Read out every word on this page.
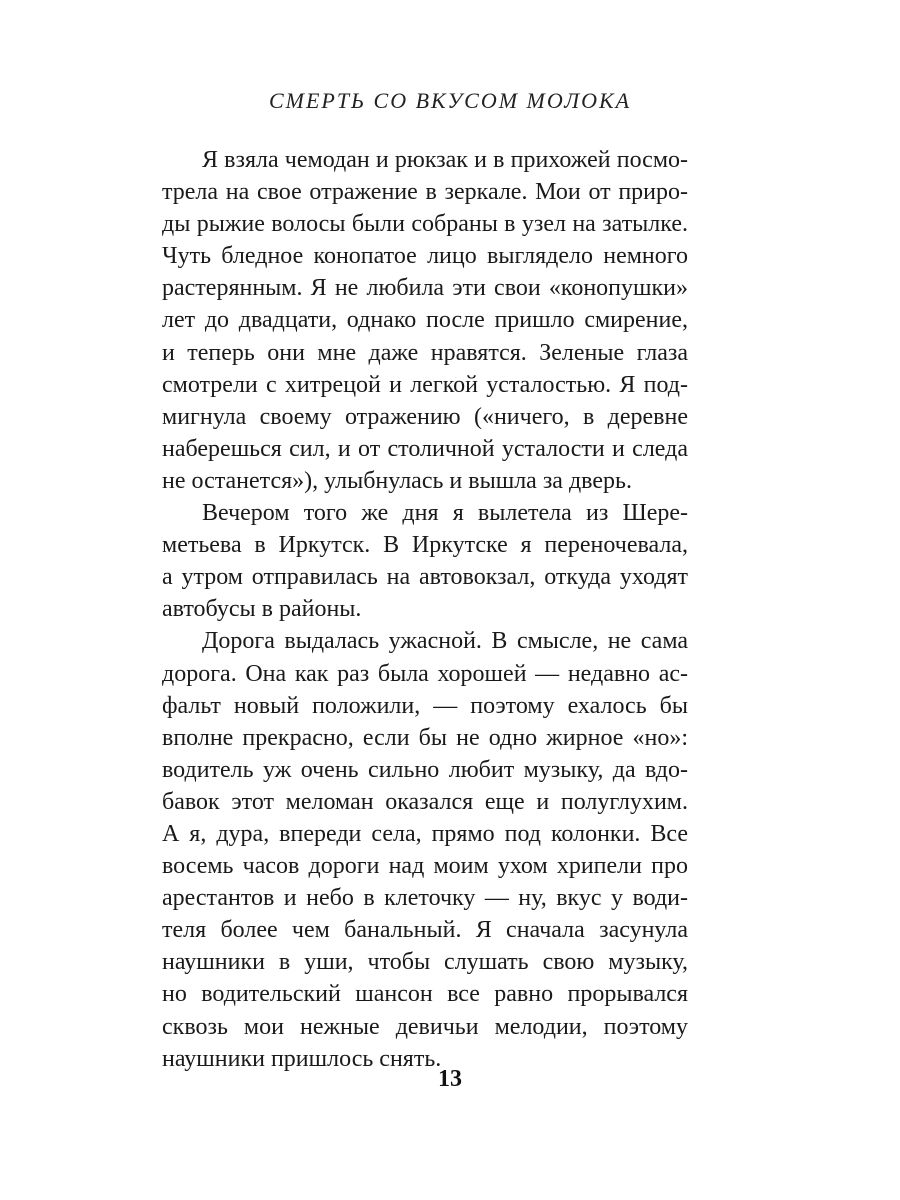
СМЕРТЬ СО ВКУСОМ МОЛОКА
Я взяла чемодан и рюкзак и в прихожей посмо-
трела на свое отражение в зеркале. Мои от приро-
ды рыжие волосы были собраны в узел на затылке.
Чуть бледное конопатое лицо выглядело немного
растерянным. Я не любила эти свои «конопушки»
лет до двадцати, однако после пришло смирение,
и теперь они мне даже нравятся. Зеленые глаза
смотрели с хитрецой и легкой усталостью. Я под-
мигнула своему отражению («ничего, в деревне
наберешься сил, и от столичной усталости и следа
не останется»), улыбнулась и вышла за дверь.
Вечером того же дня я вылетела из Шере-
метьева в Иркутск. В Иркутске я переночевала,
а утром отправилась на автовокзал, откуда уходят
автобусы в районы.
Дорога выдалась ужасной. В смысле, не сама
дорога. Она как раз была хорошей — недавно ас-
фальт новый положили, — поэтому ехалось бы
вполне прекрасно, если бы не одно жирное «но»:
водитель уж очень сильно любит музыку, да вдо-
бавок этот меломан оказался еще и полуглухим.
А я, дура, впереди села, прямо под колонки. Все
восемь часов дороги над моим ухом хрипели про
арестантов и небо в клеточку — ну, вкус у води-
теля более чем банальный. Я сначала засунула
наушники в уши, чтобы слушать свою музыку,
но водительский шансон все равно прорывался
сквозь мои нежные девичьи мелодии, поэтому
наушники пришлось снять.
13
